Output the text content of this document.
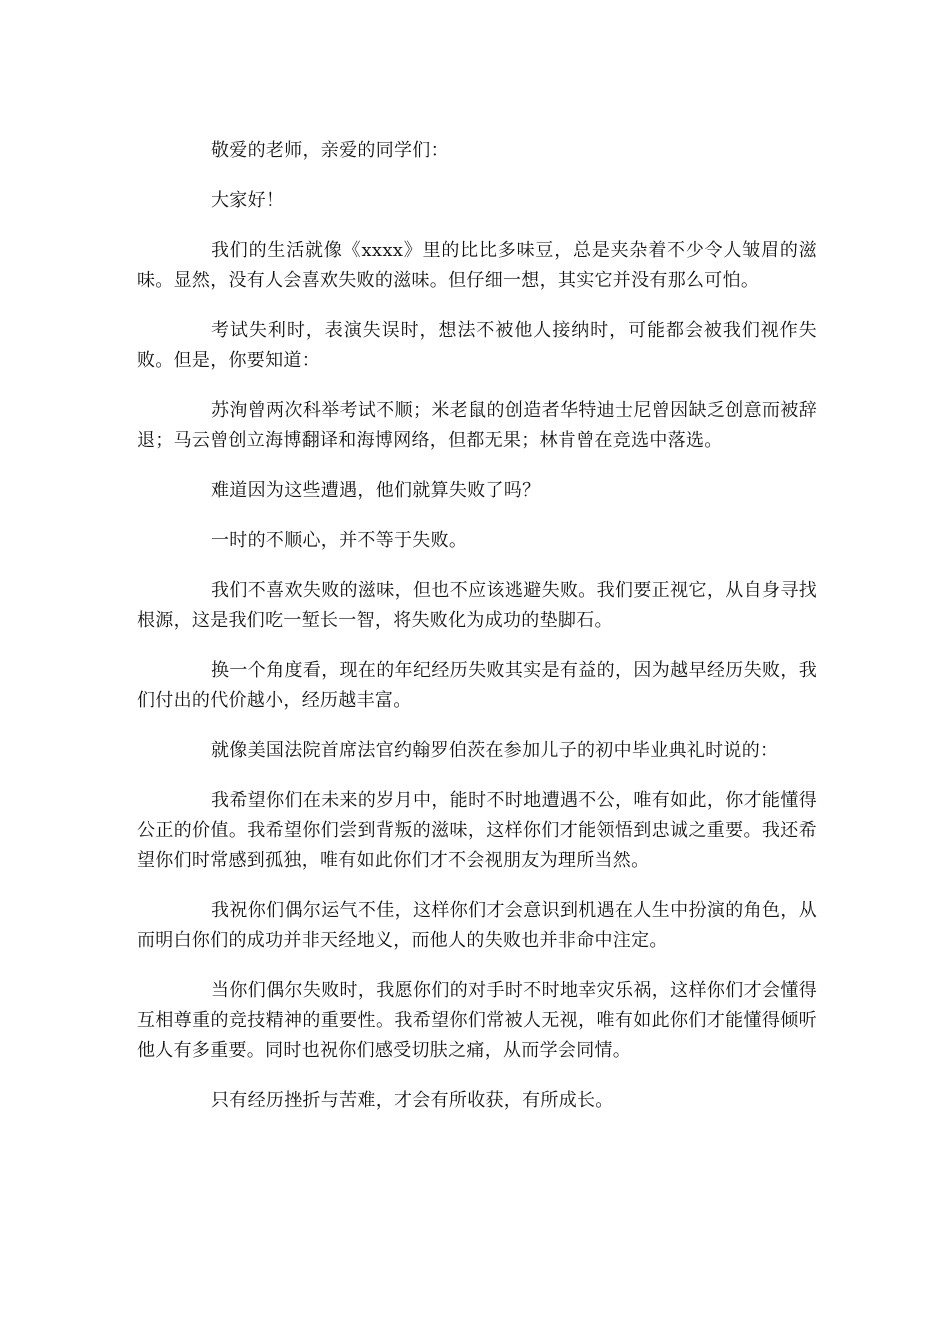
敬爱的老师，亲爱的同学们：

大家好！

我们的生活就像《xxxx》里的比比多味豆，总是夹杂着不少令人皱眉的滋味。显然，没有人会喜欢失败的滋味。但仔细一想，其实它并没有那么可怕。

考试失利时，表演失误时，想法不被他人接纳时，可能都会被我们视作失败。但是，你要知道：

苏洵曾两次科举考试不顺；米老鼠的创造者华特迪士尼曾因缺乏创意而被辞退；马云曾创立海博翻译和海博网络，但都无果；林肯曾在竞选中落选。

难道因为这些遭遇，他们就算失败了吗？

一时的不顺心，并不等于失败。

我们不喜欢失败的滋味，但也不应该逃避失败。我们要正视它，从自身寻找根源，这是我们吃一堑长一智，将失败化为成功的垫脚石。

换一个角度看，现在的年纪经历失败其实是有益的，因为越早经历失败，我们付出的代价越小，经历越丰富。

就像美国法院首席法官约翰罗伯茨在参加儿子的初中毕业典礼时说的：

我希望你们在未来的岁月中，能时不时地遭遇不公，唯有如此，你才能懂得公正的价值。我希望你们尝到背叛的滋味，这样你们才能领悟到忠诚之重要。我还希望你们时常感到孤独，唯有如此你们才不会视朋友为理所当然。

我祝你们偶尔运气不佳，这样你们才会意识到机遇在人生中扮演的角色，从而明白你们的成功并非天经地义，而他人的失败也并非命中注定。

当你们偶尔失败时，我愿你们的对手时不时地幸灾乐祸，这样你们才会懂得互相尊重的竞技精神的重要性。我希望你们常被人无视，唯有如此你们才能懂得倾听他人有多重要。同时也祝你们感受切肤之痛，从而学会同情。

只有经历挫折与苦难，才会有所收获，有所成长。
